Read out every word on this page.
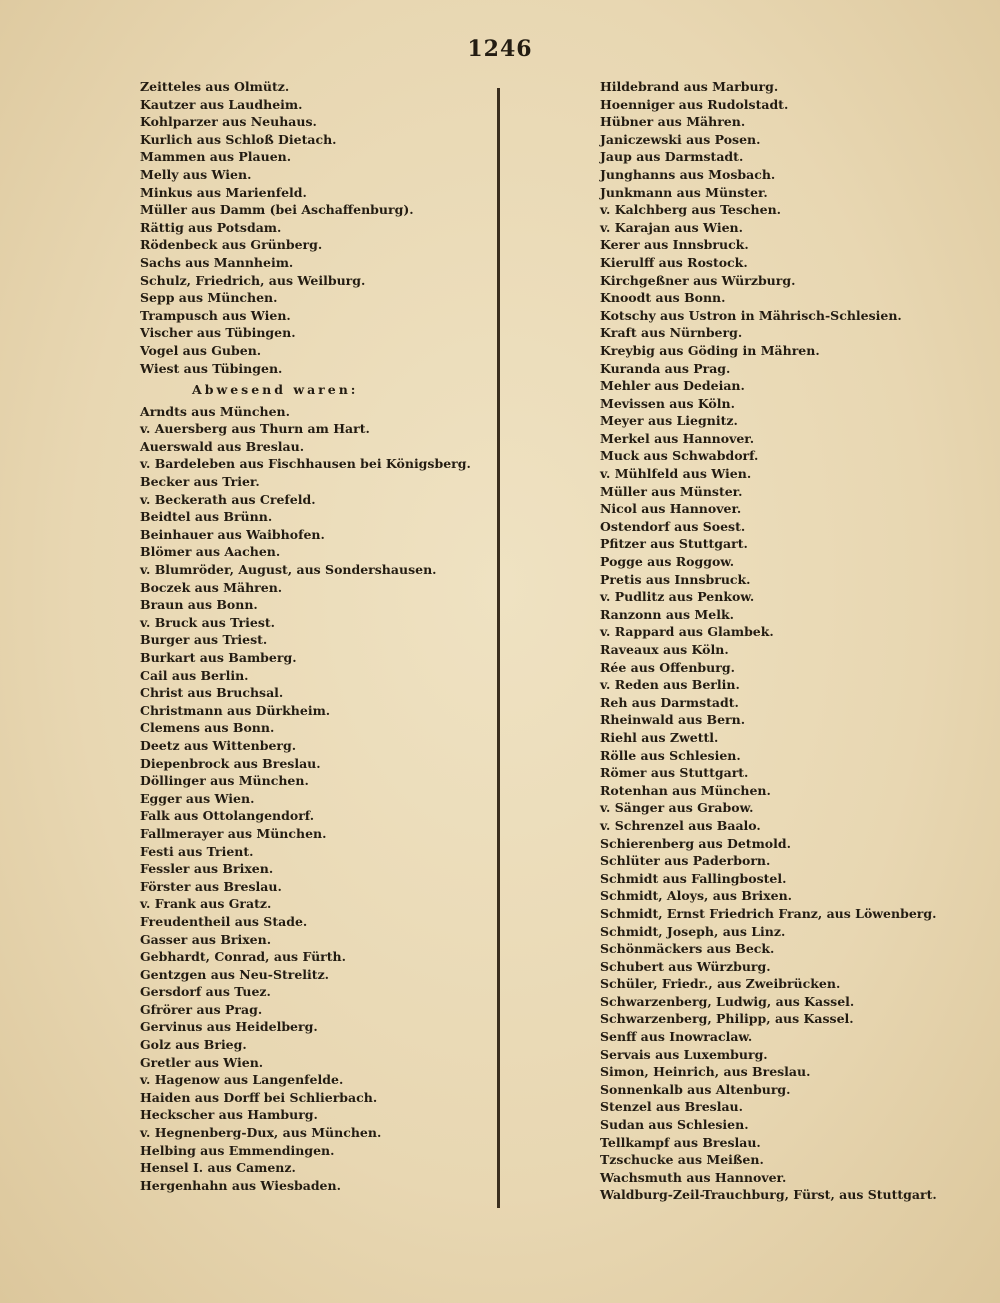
1246
Zeitteles aus Olmütz.
Kautzer aus Laudheim.
Kohlparzer aus Neuhaus.
Kurlich aus Schloß Dietach.
Mammen aus Plauen.
Melly aus Wien.
Minkus aus Marienfeld.
Müller aus Damm (bei Aschaffenburg).
Rättig aus Potsdam.
Rödenbeck aus Grünberg.
Sachs aus Mannheim.
Schulz, Friedrich, aus Weilburg.
Sepp aus München.
Trampusch aus Wien.
Vischer aus Tübingen.
Vogel aus Guben.
Wiest aus Tübingen.
Abwesend waren:
Arndts aus München.
v. Auersberg aus Thurn am Hart.
Auerswald aus Breslau.
v. Bardeleben aus Fischhausen bei Königsberg.
Becker aus Trier.
v. Beckerath aus Crefeld.
Beidtel aus Brünn.
Beinhauer aus Waibhofen.
Blömer aus Aachen.
v. Blumröder, August, aus Sondershausen.
Boczek aus Mähren.
Braun aus Bonn.
v. Bruck aus Triest.
Burger aus Triest.
Burkart aus Bamberg.
Cail aus Berlin.
Christ aus Bruchsal.
Christmann aus Dürkheim.
Clemens aus Bonn.
Deetz aus Wittenberg.
Diepenbrock aus Breslau.
Döllinger aus München.
Egger aus Wien.
Falk aus Ottolangendorf.
Fallmerayer aus München.
Festi aus Trient.
Fessler aus Brixen.
Förster aus Breslau.
v. Frank aus Gratz.
Freudentheil aus Stade.
Gasser aus Brixen.
Gebhardt, Conrad, aus Fürth.
Gentzgen aus Neu-Strelitz.
Gersdorf aus Tuez.
Gfrörer aus Prag.
Gervinus aus Heidelberg.
Golz aus Brieg.
Gretler aus Wien.
v. Hagenow aus Langenfelde.
Haiden aus Dorff bei Schlierbach.
Heckscher aus Hamburg.
v. Hegnenberg-Dux, aus München.
Helbing aus Emmendingen.
Hensel I. aus Camenz.
Hergenhahn aus Wiesbaden.
Hildebrand aus Marburg.
Hoenniger aus Rudolstadt.
Hübner aus Mähren.
Janiczewski aus Posen.
Jaup aus Darmstadt.
Junghanns aus Mosbach.
Junkmann aus Münster.
v. Kalchberg aus Teschen.
v. Karajan aus Wien.
Kerer aus Innsbruck.
Kierulff aus Rostock.
Kirchgeßner aus Würzburg.
Knoodt aus Bonn.
Kotschy aus Ustron in Mährisch-Schlesien.
Kraft aus Nürnberg.
Kreybig aus Göding in Mähren.
Kuranda aus Prag.
Mehler aus Dedeian.
Mevissen aus Köln.
Meyer aus Liegnitz.
Merkel aus Hannover.
Muck aus Schwabdorf.
v. Mühlfeld aus Wien.
Müller aus Münster.
Nicol aus Hannover.
Ostendorf aus Soest.
Pfitzer aus Stuttgart.
Pogge aus Roggow.
Pretis aus Innsbruck.
v. Pudlitz aus Penkow.
Ranzonn aus Melk.
v. Rappard aus Glambek.
Raveaux aus Köln.
Rée aus Offenburg.
v. Reden aus Berlin.
Reh aus Darmstadt.
Rheinwald aus Bern.
Riehl aus Zwettl.
Rölle aus Schlesien.
Römer aus Stuttgart.
Rotenhan aus München.
v. Sänger aus Grabow.
v. Schrenzel aus Baalo.
Schierenberg aus Detmold.
Schlüter aus Paderborn.
Schmidt aus Fallingbostel.
Schmidt, Aloys, aus Brixen.
Schmidt, Ernst Friedrich Franz, aus Löwenberg.
Schmidt, Joseph, aus Linz.
Schönmäckers aus Beck.
Schubert aus Würzburg.
Schüler, Friedr., aus Zweibrücken.
Schwarzenberg, Ludwig, aus Kassel.
Schwarzenberg, Philipp, aus Kassel.
Senff aus Inowraclaw.
Servais aus Luxemburg.
Simon, Heinrich, aus Breslau.
Sonnenkalb aus Altenburg.
Stenzel aus Breslau.
Sudan aus Schlesien.
Tellkampf aus Breslau.
Tzschucke aus Meißen.
Wachsmuth aus Hannover.
Waldburg-Zeil-Trauchburg, Fürst, aus Stuttgart.
